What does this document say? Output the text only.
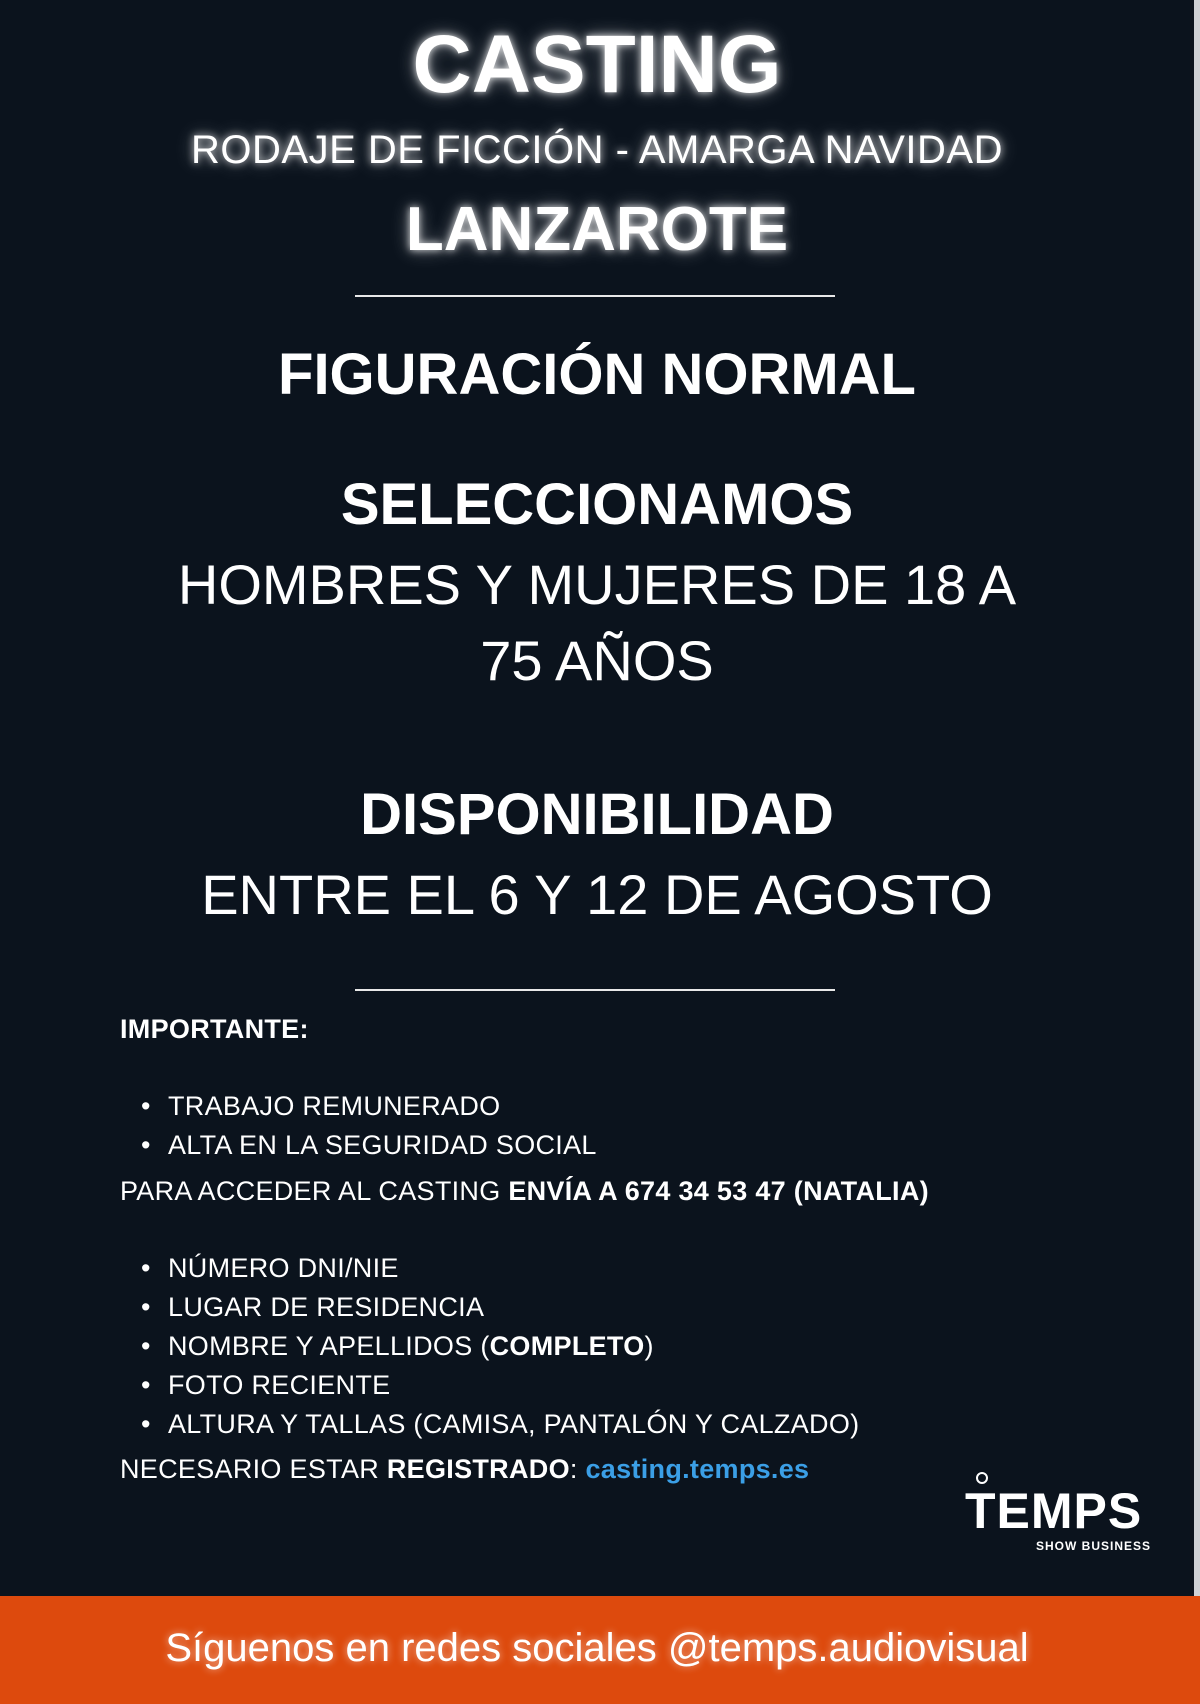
CASTING
RODAJE DE FICCIÓN - AMARGA NAVIDAD
LANZAROTE
FIGURACIÓN NORMAL
SELECCIONAMOS
HOMBRES Y MUJERES DE 18 A
75 AÑOS
DISPONIBILIDAD
ENTRE EL 6 Y 12 DE AGOSTO
IMPORTANTE:
• TRABAJO REMUNERADO
• ALTA EN LA SEGURIDAD SOCIAL
PARA ACCEDER AL CASTING ENVÍA A 674 34 53 47 (NATALIA)
• NÚMERO DNI/NIE
• LUGAR DE RESIDENCIA
• NOMBRE Y APELLIDOS (COMPLETO)
• FOTO RECIENTE
• ALTURA Y TALLAS (CAMISA, PANTALÓN Y CALZADO)
NECESARIO ESTAR REGISTRADO: casting.temps.es
TEMPS
SHOW BUSINESS
Síguenos en redes sociales @temps.audiovisual
